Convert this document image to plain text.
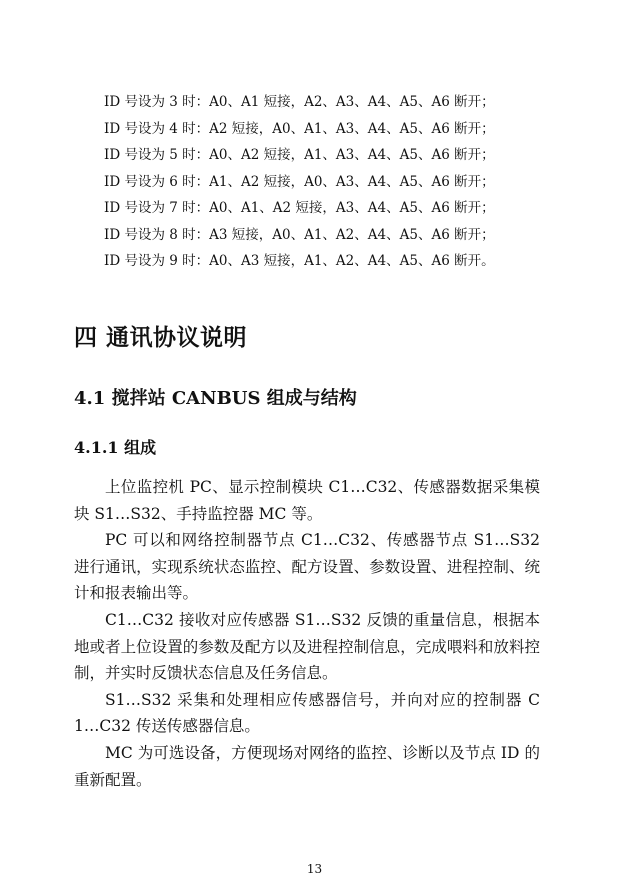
ID 号设为 3 时：A0、A1 短接，A2、A3、A4、A5、A6 断开；
ID 号设为 4 时：A2 短接，A0、A1、A3、A4、A5、A6 断开；
ID 号设为 5 时：A0、A2 短接，A1、A3、A4、A5、A6 断开；
ID 号设为 6 时：A1、A2 短接，A0、A3、A4、A5、A6 断开；
ID 号设为 7 时：A0、A1、A2 短接，A3、A4、A5、A6 断开；
ID 号设为 8 时：A3 短接，A0、A1、A2、A4、A5、A6 断开；
ID 号设为 9 时：A0、A3 短接，A1、A2、A4、A5、A6 断开。
四 通讯协议说明
4.1 搅拌站 CANBUS 组成与结构
4.1.1 组成

上位监控机 PC、显示控制模块 C1…C32、传感器数据采集模块 S1…S32、手持监控器 MC 等。

PC 可以和网络控制器节点 C1…C32、传感器节点 S1…S32 进行通讯，实现系统状态监控、配方设置、参数设置、进程控制、统计和报表输出等。

C1…C32 接收对应传感器 S1…S32 反馈的重量信息，根据本地或者上位设置的参数及配方以及进程控制信息，完成喂料和放料控制，并实时反馈状态信息及任务信息。

S1…S32 采集和处理相应传感器信号，并向对应的控制器 C1…C32 传送传感器信息。

MC 为可选设备，方便现场对网络的监控、诊断以及节点 ID 的重新配置。

13
